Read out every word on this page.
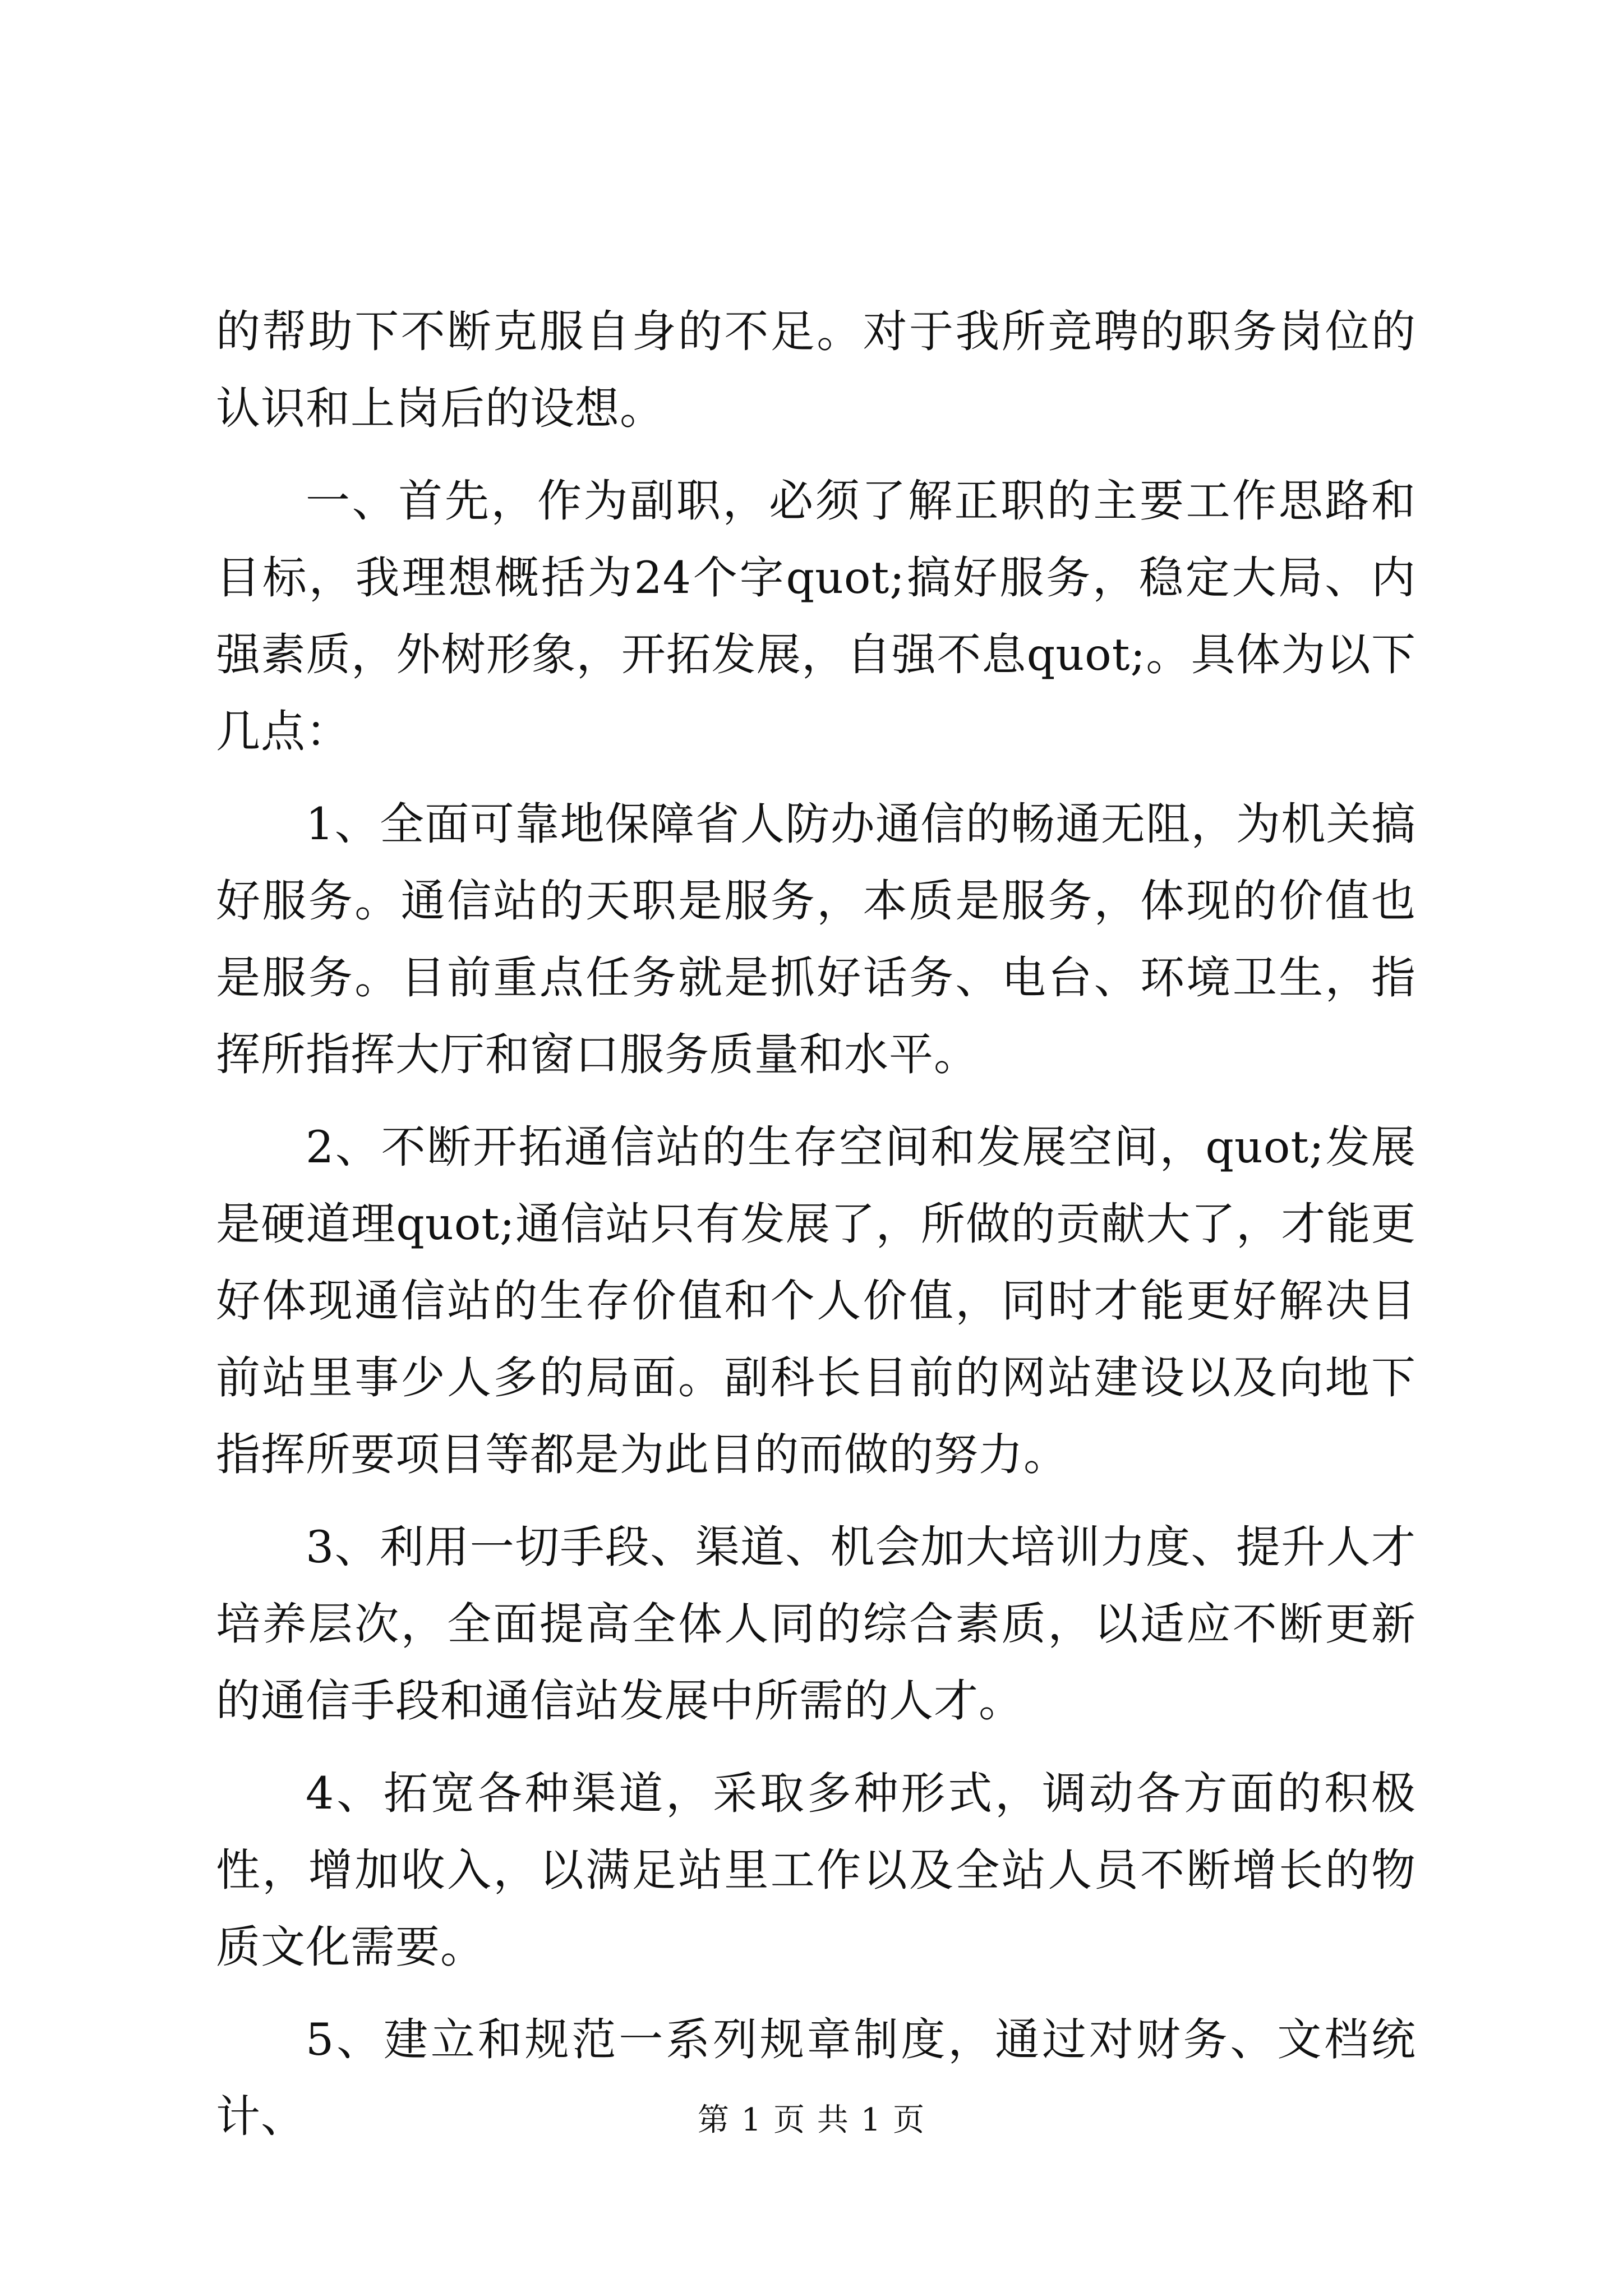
的帮助下不断克服自身的不足。对于我所竞聘的职务岗位的认识和上岗后的设想。

一、首先，作为副职，必须了解正职的主要工作思路和目标，我理想概括为24个字quot;搞好服务，稳定大局、内强素质，外树形象，开拓发展，自强不息quot;。具体为以下几点：

1、全面可靠地保障省人防办通信的畅通无阻，为机关搞好服务。通信站的天职是服务，本质是服务，体现的价值也是服务。目前重点任务就是抓好话务、电台、环境卫生，指挥所指挥大厅和窗口服务质量和水平。

2、不断开拓通信站的生存空间和发展空间，quot;发展是硬道理quot;通信站只有发展了，所做的贡献大了，才能更好体现通信站的生存价值和个人价值，同时才能更好解决目前站里事少人多的局面。副科长目前的网站建设以及向地下指挥所要项目等都是为此目的而做的努力。

3、利用一切手段、渠道、机会加大培训力度、提升人才培养层次，全面提高全体人同的综合素质，以适应不断更新的通信手段和通信站发展中所需的人才。

4、拓宽各种渠道，采取多种形式，调动各方面的积极性，增加收入，以满足站里工作以及全站人员不断增长的物质文化需要。

5、建立和规范一系列规章制度，通过对财务、文档统计、	第 1 页 共 1 页
